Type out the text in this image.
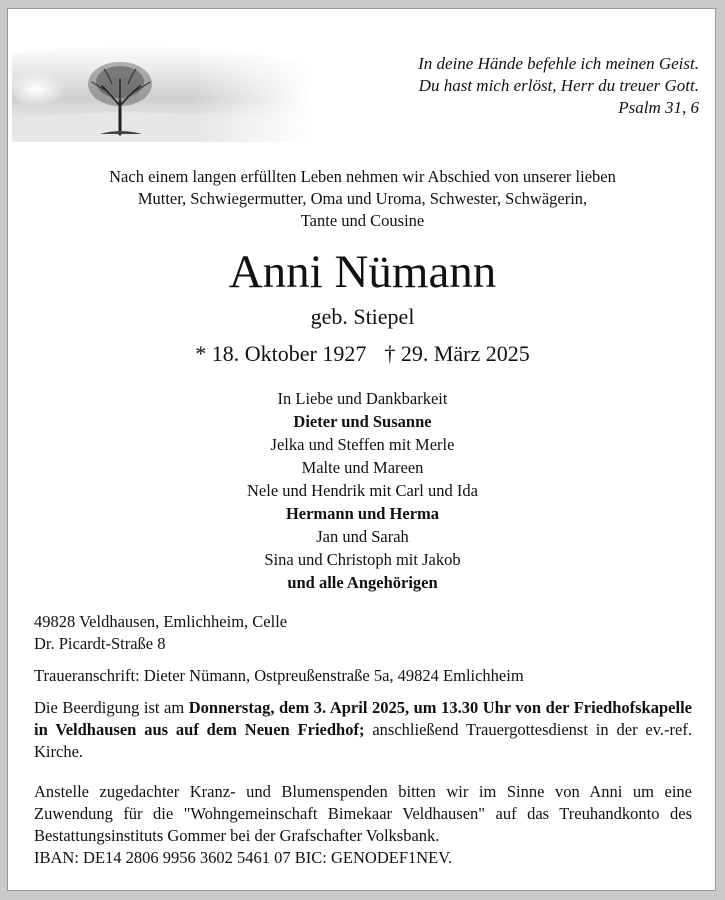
In deine Hände befehle ich meinen Geist.
Du hast mich erlöst, Herr du treuer Gott.
Psalm 31, 6
Nach einem langen erfüllten Leben nehmen wir Abschied von unserer lieben
Mutter, Schwiegermutter, Oma und Uroma, Schwester, Schwägerin,
Tante und Cousine
Anni Nümann
geb. Stiepel
* 18. Oktober 1927 † 29. März 2025
In Liebe und Dankbarkeit
Dieter und Susanne
Jelka und Steffen mit Merle
Malte und Mareen
Nele und Hendrik mit Carl und Ida
Hermann und Herma
Jan und Sarah
Sina und Christoph mit Jakob
und alle Angehörigen
49828 Veldhausen, Emlichheim, Celle
Dr. Picardt-Straße 8
Traueranschrift: Dieter Nümann, Ostpreußenstraße 5a, 49824 Emlichheim
Die Beerdigung ist am Donnerstag, dem 3. April 2025, um 13.30 Uhr von der Friedhofskapelle in Veldhausen aus auf dem Neuen Friedhof; anschließend Trauergottesdienst in der ev.-ref. Kirche.
Anstelle zugedachter Kranz- und Blumenspenden bitten wir im Sinne von Anni um eine Zuwendung für die "Wohngemeinschaft Bimekaar Veldhausen" auf das Treuhandkonto des Bestattungsinstituts Gommer bei der Grafschafter Volksbank.
IBAN: DE14 2806 9956 3602 5461 07 BIC: GENODEF1NEV.
